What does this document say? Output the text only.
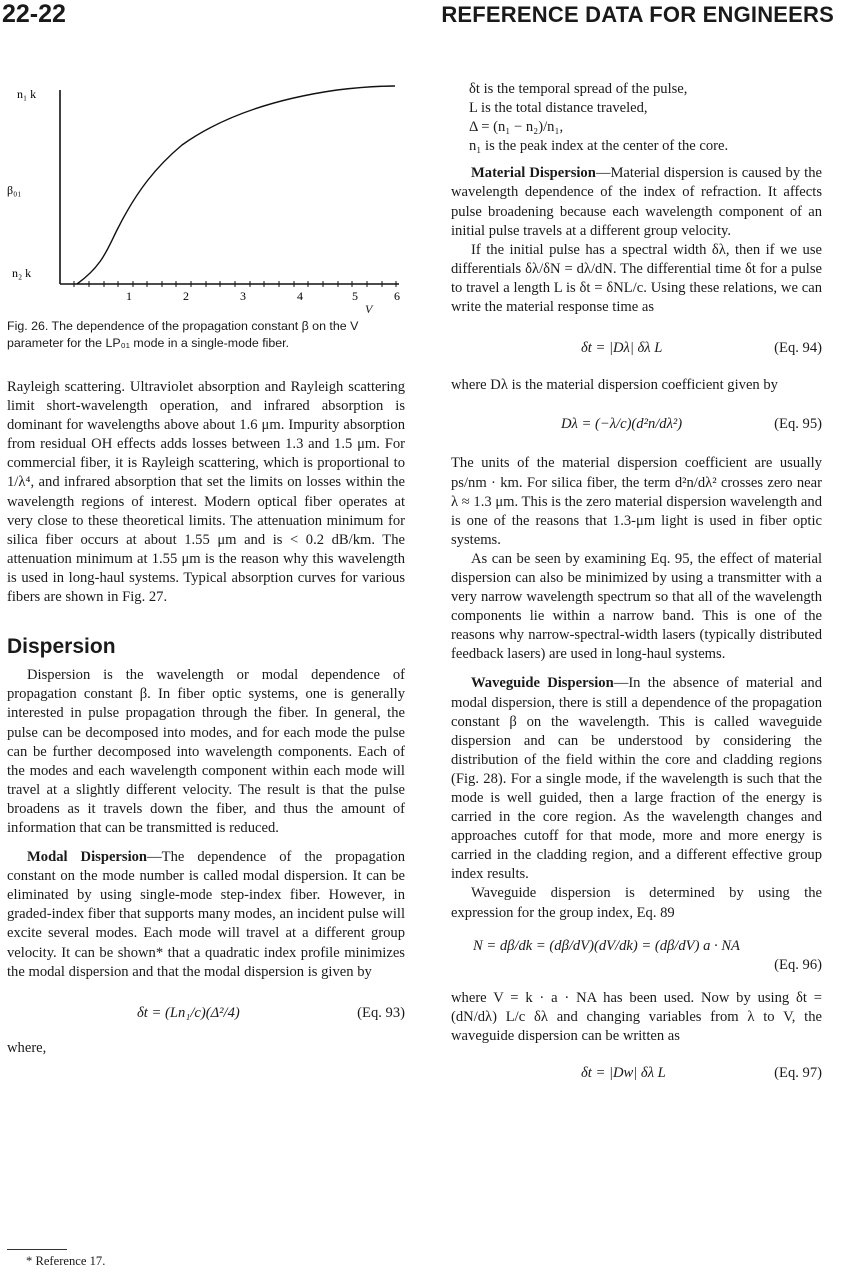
22-22	REFERENCE DATA FOR ENGINEERS
n₁ k
β₀₁
n₂ k
1	2	3	4	5	6
V
Fig. 26. The dependence of the propagation constant β on the V parameter for the LP₀₁ mode in a single-mode fiber.

Rayleigh scattering. Ultraviolet absorption and Rayleigh scattering limit short-wavelength operation, and infrared absorption is dominant for wavelengths above about 1.6 μm. Impurity absorption from residual OH effects adds losses between 1.3 and 1.5 μm. For commercial fiber, it is Rayleigh scattering, which is proportional to 1/λ⁴, and infrared absorption that set the limits on losses within the wavelength regions of interest. Modern optical fiber operates at very close to these theoretical limits. The attenuation minimum for silica fiber occurs at about 1.55 μm and is < 0.2 dB/km. The attenuation minimum at 1.55 μm is the reason why this wavelength is used in long-haul systems. Typical absorption curves for various fibers are shown in Fig. 27.

Dispersion

Dispersion is the wavelength or modal dependence of propagation constant β. In fiber optic systems, one is generally interested in pulse propagation through the fiber. In general, the pulse can be decomposed into modes, and for each mode the pulse can be further decomposed into wavelength components. Each of the modes and each wavelength component within each mode will travel at a slightly different velocity. The result is that the pulse broadens as it travels down the fiber, and thus the amount of information that can be transmitted is reduced.

Modal Dispersion—The dependence of the propagation constant on the mode number is called modal dispersion. It can be eliminated by using single-mode step-index fiber. However, in graded-index fiber that supports many modes, an incident pulse will excite several modes. Each mode will travel at a different group velocity. It can be shown* that a quadratic index profile minimizes the modal dispersion and that the modal dispersion is given by

δt = (Ln₁/c)(Δ²/4)	(Eq. 93)

where,

* Reference 17.

δt is the temporal spread of the pulse,

L is the total distance traveled,

Δ = (n₁ − n₂)/n₁,

n₁ is the peak index at the center of the core.

Material Dispersion—Material dispersion is caused by the wavelength dependence of the index of refraction. It affects pulse broadening because each wavelength component of an initial pulse travels at a different group velocity.

If the initial pulse has a spectral width δλ, then if we use differentials δλ/δN = dλ/dN. The differential time δt for a pulse to travel a length L is δt = δNL/c. Using these relations, we can write the material response time as

δt = |Dλ| δλ L	(Eq. 94)

where Dλ is the material dispersion coefficient given by

Dλ = (−λ/c)(d²n/dλ²)	(Eq. 95)

The units of the material dispersion coefficient are usually ps/nm · km. For silica fiber, the term d²n/dλ² crosses zero near λ ≈ 1.3 μm. This is the zero material dispersion wavelength and is one of the reasons that 1.3-μm light is used in fiber optic systems.

As can be seen by examining Eq. 95, the effect of material dispersion can also be minimized by using a transmitter with a very narrow wavelength spectrum so that all of the wavelength components lie within a narrow band. This is one of the reasons why narrow-spectral-width lasers (typically distributed feedback lasers) are used in long-haul systems.

Waveguide Dispersion—In the absence of material and modal dispersion, there is still a dependence of the propagation constant β on the wavelength. This is called waveguide dispersion and can be understood by considering the distribution of the field within the core and cladding regions (Fig. 28). For a single mode, if the wavelength is such that the mode is well guided, then a large fraction of the energy is carried in the core region. As the wavelength changes and approaches cutoff for that mode, more and more energy is carried in the cladding region, and a different effective group index results.

Waveguide dispersion is determined by using the expression for the group index, Eq. 89

N = dβ/dk = (dβ/dV)(dV/dk) = (dβ/dV) a · NA
(Eq. 96)

where V = k · a · NA has been used. Now by using δt = (dN/dλ) L/c δλ and changing variables from λ to V, the waveguide dispersion can be written as

δt = |Dw| δλ L	(Eq. 97)
